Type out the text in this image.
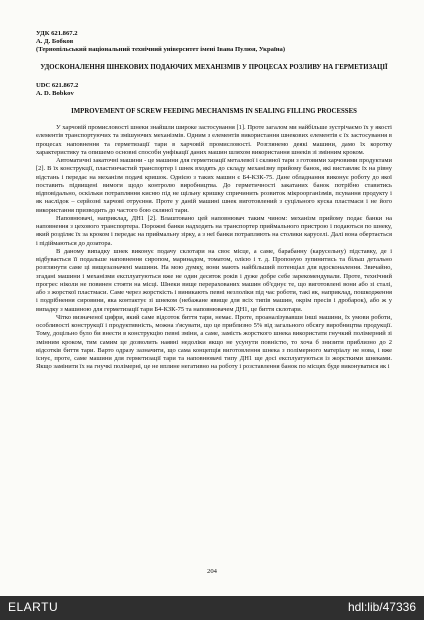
УДК 621.867.2
А. Д. Бобков
(Тернопільський національний технічний університет імені Івана Пулюя, Україна)
УДОСКОНАЛЕННЯ ШНЕКОВИХ ПОДАЮЧИХ МЕХАНІЗМІВ У ПРОЦЕСАХ РОЗЛИВУ НА ГЕРМЕТИЗАЦІЇ
UDC 621.867.2
A. D. Bobkov
IMPROVEMENT OF SCREW FEEDING MECHANISMS IN SEALING FILLING PROCESSES

У харчовій промисловості шнеки знайшли широке застосування [1]. Проте загалом ми найбільше зустрічаємо їх у якості елементів транспортуючих та змішуючих механізмів. Одним з елементів використання шнекових елементів є їх застосування в процесах наповнення та герметизації тари в харчовій промисловості. Розглянемо деякі машини, дамо їх коротку характеристику та опишемо основні способи унфікації даних машин шляхом використання шнеків зі змінним кроком.

Автоматичні закаточні машини - це машини для герметизації металевої і скляної тари з готовими харчовими продуктами [2]. В їх конструкції, пластинчастий транспортер і шнек входять до складу механізму прийому банок, які виставляє їх на рівну відстань і передає на механізм подачі кришок. Однією з таких машин є Б4-КЗК-75. Дане обладнання виконує роботу до якої поставить підвищені вимоги щодо контролю виробництва. До герметичності закатаних банок потрібно ставитись відповідально, оскільки потрапляння кисню під не щільну кришку спричинить розвиток мікроорганізмів, псування продукту і як наслідок – серйозні харчові отруєння. Проте у даній машині шнек виготовлений з суцільного куска пластмаси і не його використання призводить до частого бою скляної тари.

Наповнювачі, наприклад, ДН1 [2]. Влаштовано цей наповнювач таким чином: механізм прийому подає банки на наповнення з цехового транспортера. Порожні банки надходять на транспортер приймального пристрою і подаються по шнеку, який розділяє їх за кроком і передає на приймальну зірку, а з неї банки потрапляють на столики каруселі. Далі вона обертається і підіймаються до дозатора.

В даному випадку шнек виконує подачу склотари на своє місце, а саме, барабанну (карусельну) підставку, де і відбувається її подальше наповнення сиропом, маринадом, томатом, олією і т. д. Пропоную зупинитись та більш детально розглянути саме ці вищезазначені машини. На мою думку, вони мають найбільший потенціал для вдосконалення. Звичайно, згадані машини і механізми експлуатуються вже не один десяток років і дуже добре себе зарекомендували. Проте, технічний прогрес ніколи не повинен стояти на місці. Шнеки вище перерахованих машин об'єднує те, що виготовлені вони або зі сталі, або з жорсткої пластмаси. Саме через жорсткість і виникають певні незлоліки під час роботи, такі як, наприклад, пошкодження і подрібнення сировини, яка контактує зі шнеком (небажане явище для всіх типів машин, окрім пресів і дробарок), або ж у випадку з машиною для герметизації тари Б4-КЗК-75 та наповнювачем ДН1, це биття склотари.

Чітко визначеної цифри, який саме відсоток биття тари, немає. Проте, проаналізувавши інші машини, їх умови роботи, особливості конструкції і продуктивність, можна з'ясувати, що це приблизно 5% від загального обсягу виробництва продукції. Тому, доцільно було би внести в конструкцію певні зміни, а саме, замість жорсткого шнека використати гнучкий полімерний зі змінним кроком, тим самим це дозволить наявні недоліки якщо не усунути повністю, то хоча б знизити приблизно до 2 відсотків биття тари. Варто одразу зазначити, що сама концепція виготовлення шнека з полімерного матеріалу не нова, і вже існує, проте, саме машини для герметизації тари та наповнювачі типу ДН1 ще досі експлуатуються із жорсткими шнеками. Якщо замінити їх на гнучкі полімерні, це не вплине негативно на роботу і розставлення банок по місцях буде виконуватися як і

204
ELARTU	hdl:lib/47336
